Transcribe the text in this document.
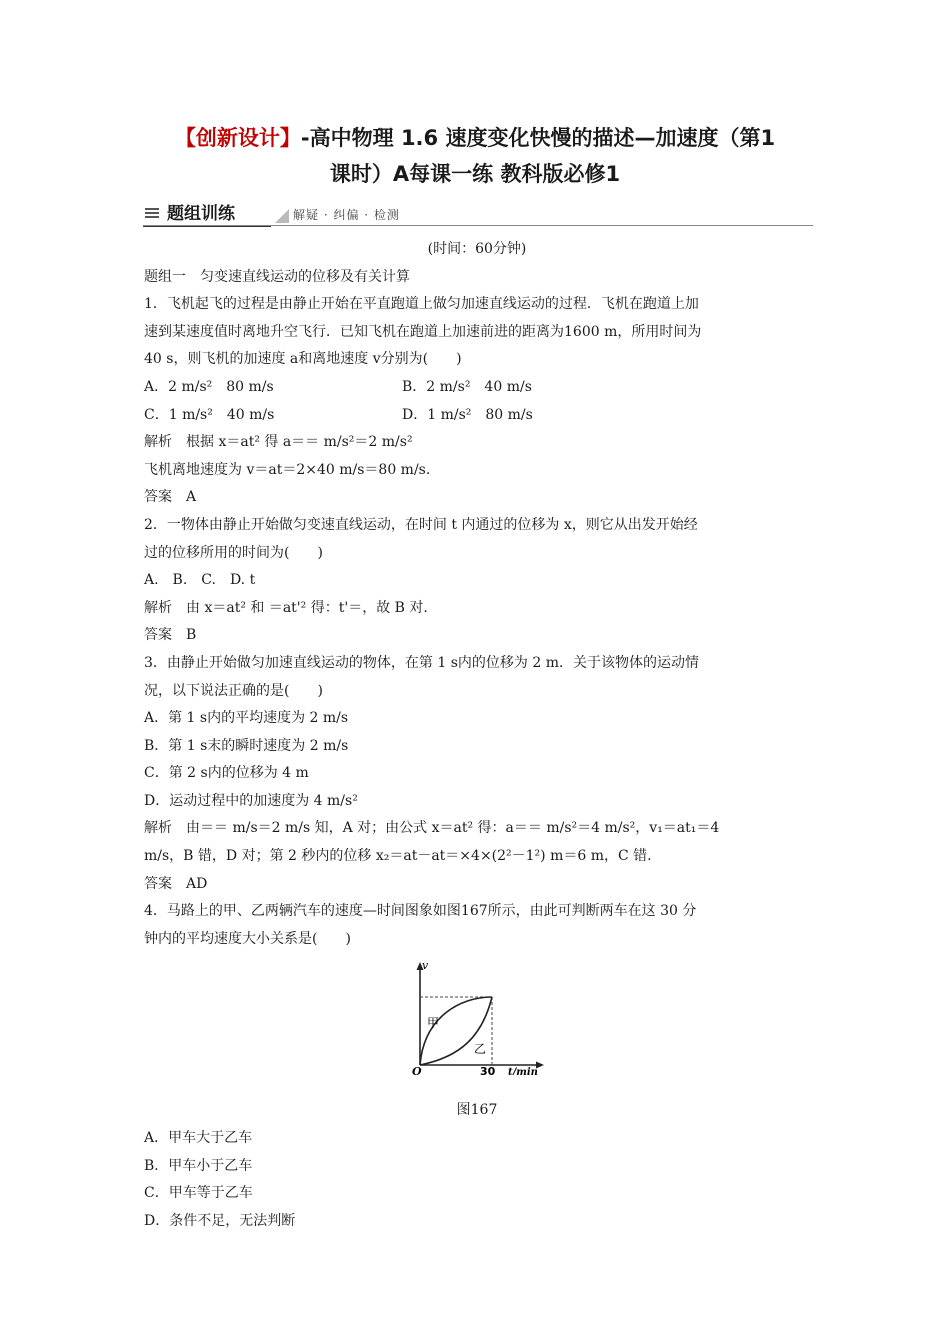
【创新设计】-高中物理 1.6 速度变化快慢的描述—加速度（第1
课时）A每课一练 教科版必修1
题组训练	解疑 · 纠偏 · 检测

(时间：60分钟)

题组一　匀变速直线运动的位移及有关计算

1．飞机起飞的过程是由静止开始在平直跑道上做匀加速直线运动的过程．飞机在跑道上加

速到某速度值时离地升空飞行．已知飞机在跑道上加速前进的距离为1600 m，所用时间为

40 s，则飞机的加速度 a和离地速度 v分别为(　　)

A．2 m/s²　80 m/s	B．2 m/s²　40 m/s
C．1 m/s²　40 m/s	D．1 m/s²　80 m/s

解析　根据 x＝at² 得 a＝＝ m/s²＝2 m/s²

飞机离地速度为 v＝at＝2×40 m/s＝80 m/s.

答案　A

2．一物体由静止开始做匀变速直线运动，在时间 t 内通过的位移为 x，则它从出发开始经

过的位移所用的时间为(　　)

A.　B.　C.　D. t

解析　由 x＝at² 和 ＝at'² 得：t'＝，故 B 对.

答案　B

3．由静止开始做匀加速直线运动的物体，在第 1 s内的位移为 2 m．关于该物体的运动情

况，以下说法正确的是(　　)

A．第 1 s内的平均速度为 2 m/s

B．第 1 s末的瞬时速度为 2 m/s

C．第 2 s内的位移为 4 m

D．运动过程中的加速度为 4 m/s²

解析　由＝＝ m/s＝2 m/s 知，A 对；由公式 x＝at² 得：a＝＝ m/s²＝4 m/s²，v₁＝at₁＝4

m/s，B 错，D 对；第 2 秒内的位移 x₂＝at－at＝×4×(2²－1²) m＝6 m，C 错.

答案　AD

4．马路上的甲、乙两辆汽车的速度—时间图象如图167所示，由此可判断两车在这 30 分

钟内的平均速度大小关系是(　　)

v
O	30 t/min
甲
乙

图167

A．甲车大于乙车

B．甲车小于乙车

C．甲车等于乙车

D．条件不足，无法判断
